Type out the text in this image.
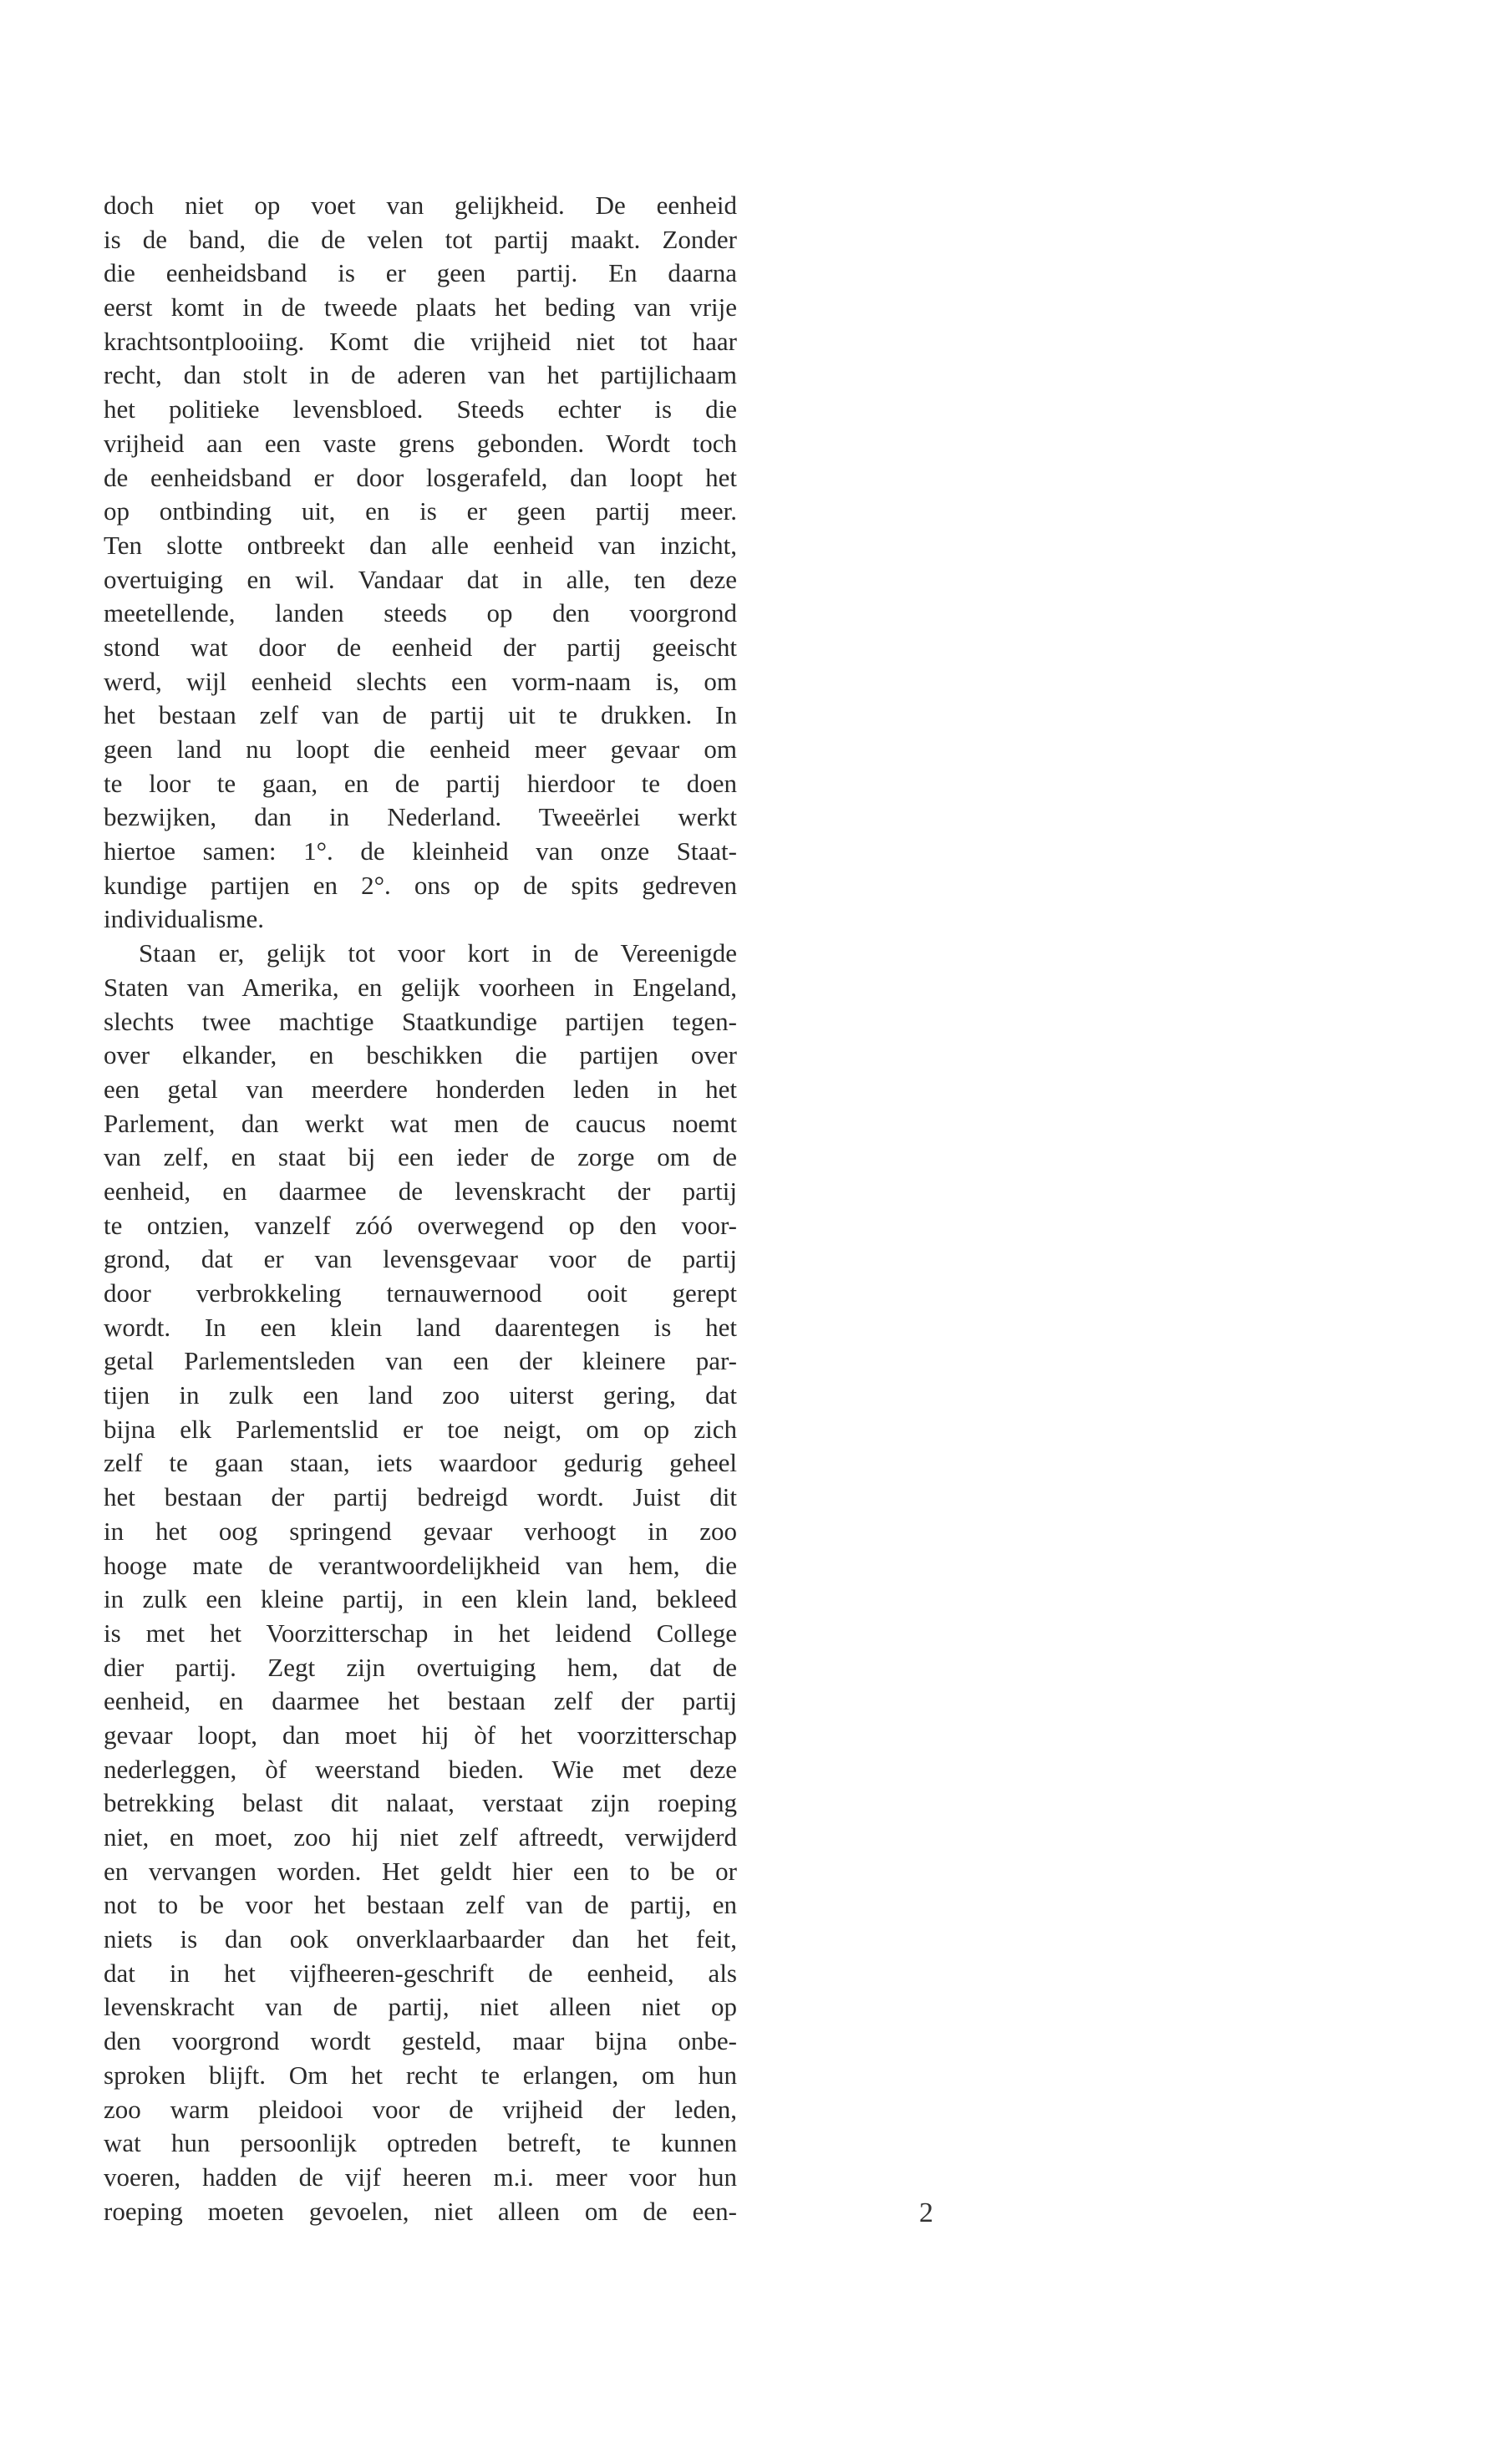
doch niet op voet van gelijkheid. De eenheid
is de band, die de velen tot partij maakt. Zonder
die eenheidsband is er geen partij. En daarna
eerst komt in de tweede plaats het beding van vrije
krachtsontplooiing. Komt die vrijheid niet tot haar
recht, dan stolt in de aderen van het partijlichaam
het politieke levensbloed. Steeds echter is die
vrijheid aan een vaste grens gebonden. Wordt toch
de eenheidsband er door losgerafeld, dan loopt het
op ontbinding uit, en is er geen partij meer.
Ten slotte ontbreekt dan alle eenheid van inzicht,
overtuiging en wil. Vandaar dat in alle, ten deze
meetellende, landen steeds op den voorgrond
stond wat door de eenheid der partij geeischt
werd, wijl eenheid slechts een vorm-naam is, om
het bestaan zelf van de partij uit te drukken. In
geen land nu loopt die eenheid meer gevaar om
te loor te gaan, en de partij hierdoor te doen
bezwijken, dan in Nederland. Tweeërlei werkt
hiertoe samen: 1°. de kleinheid van onze Staat-
kundige partijen en 2°. ons op de spits gedreven
individualisme.
Staan er, gelijk tot voor kort in de Vereenigde
Staten van Amerika, en gelijk voorheen in Engeland,
slechts twee machtige Staatkundige partijen tegen-
over elkander, en beschikken die partijen over
een getal van meerdere honderden leden in het
Parlement, dan werkt wat men de caucus noemt
van zelf, en staat bij een ieder de zorge om de
eenheid, en daarmee de levenskracht der partij
te ontzien, vanzelf zóó overwegend op den voor-
grond, dat er van levensgevaar voor de partij
door verbrokkeling ternauwernood ooit gerept
wordt. In een klein land daarentegen is het
getal Parlementsleden van een der kleinere par-
tijen in zulk een land zoo uiterst gering, dat
bijna elk Parlementslid er toe neigt, om op zich
zelf te gaan staan, iets waardoor gedurig geheel
het bestaan der partij bedreigd wordt. Juist dit
in het oog springend gevaar verhoogt in zoo
hooge mate de verantwoordelijkheid van hem, die
in zulk een kleine partij, in een klein land, bekleed
is met het Voorzitterschap in het leidend College
dier partij. Zegt zijn overtuiging hem, dat de
eenheid, en daarmee het bestaan zelf der partij
gevaar loopt, dan moet hij òf het voorzitterschap
nederleggen, òf weerstand bieden. Wie met deze
betrekking belast dit nalaat, verstaat zijn roeping
niet, en moet, zoo hij niet zelf aftreedt, verwijderd
en vervangen worden. Het geldt hier een to be or
not to be voor het bestaan zelf van de partij, en
niets is dan ook onverklaarbaarder dan het feit,
dat in het vijfheeren-geschrift de eenheid, als
levenskracht van de partij, niet alleen niet op
den voorgrond wordt gesteld, maar bijna onbe-
sproken blijft. Om het recht te erlangen, om hun
zoo warm pleidooi voor de vrijheid der leden,
wat hun persoonlijk optreden betreft, te kunnen
voeren, hadden de vijf heeren m.i. meer voor hun
roeping moeten gevoelen, niet alleen om de een-	2
